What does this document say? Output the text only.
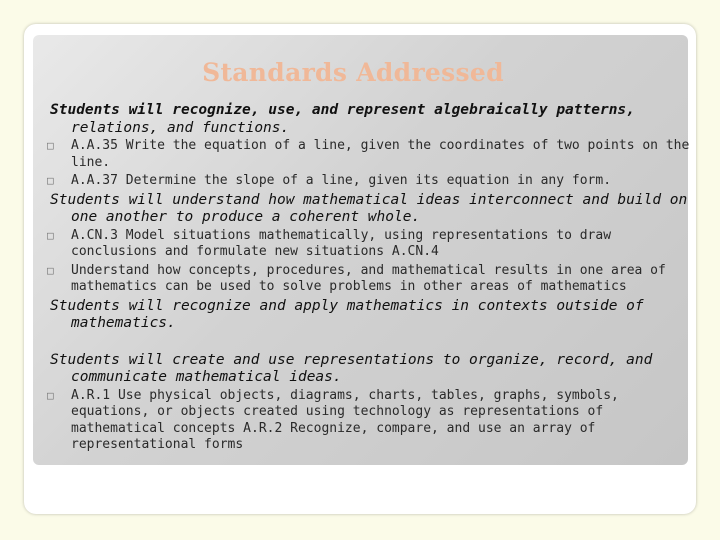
Standards Addressed

Students will recognize, use, and represent algebraically patterns, relations, and functions.

□ A.A.35 Write the equation of a line, given the coordinates of two points on the line.
□ A.A.37 Determine the slope of a line, given its equation in any form.

Students will understand how mathematical ideas interconnect and build on one another to produce a coherent whole.

□ A.CN.3 Model situations mathematically, using representations to draw conclusions and formulate new situations A.CN.4
□ Understand how concepts, procedures, and mathematical results in one area of mathematics can be used to solve problems in other areas of mathematics

Students will recognize and apply mathematics in contexts outside of mathematics.

Students will create and use representations to organize, record, and communicate mathematical ideas.

□ A.R.1 Use physical objects, diagrams, charts, tables, graphs, symbols, equations, or objects created using technology as representations of mathematical concepts A.R.2 Recognize, compare, and use an array of representational forms
